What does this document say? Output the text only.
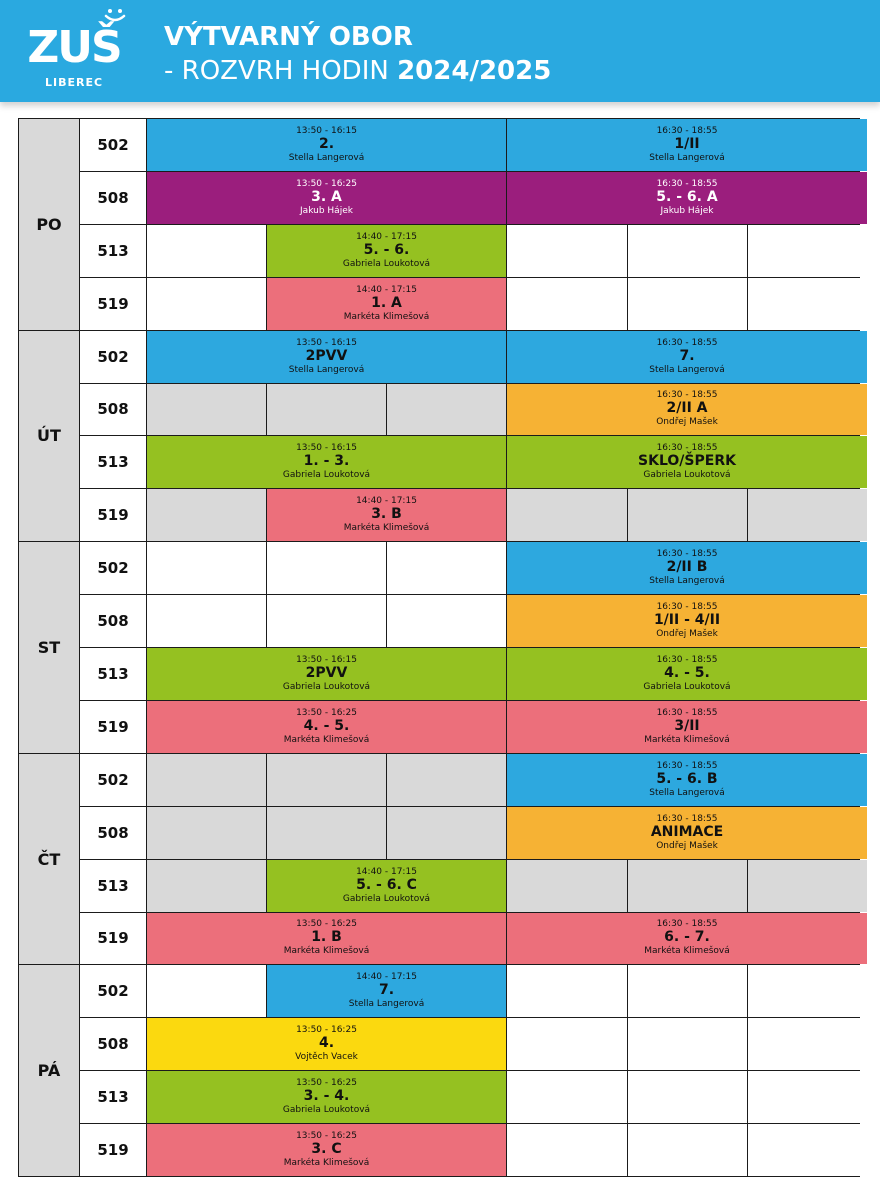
ZUŠ
LIBEREC
VÝTVARNÝ OBOR
- ROZVRH HODIN 2024/2025
PO
502
13:50 - 16:15
2.
Stella Langerová
16:30 - 18:55
1/II
Stella Langerová
508
13:50 - 16:25
3. A
Jakub Hájek
16:30 - 18:55
5. - 6. A
Jakub Hájek
513
14:40 - 17:15
5. - 6.
Gabriela Loukotová
519
14:40 - 17:15
1. A
Markéta Klimešová
ÚT
502
13:50 - 16:15
2PVV
Stella Langerová
16:30 - 18:55
7.
Stella Langerová
508
16:30 - 18:55
2/II A
Ondřej Mašek
513
13:50 - 16:15
1. - 3.
Gabriela Loukotová
16:30 - 18:55
SKLO/ŠPERK
Gabriela Loukotová
519
14:40 - 17:15
3. B
Markéta Klimešová
ST
502
16:30 - 18:55
2/II B
Stella Langerová
508
16:30 - 18:55
1/II - 4/II
Ondřej Mašek
513
13:50 - 16:15
2PVV
Gabriela Loukotová
16:30 - 18:55
4. - 5.
Gabriela Loukotová
519
13:50 - 16:25
4. - 5.
Markéta Klimešová
16:30 - 18:55
3/II
Markéta Klimešová
ČT
502
16:30 - 18:55
5. - 6. B
Stella Langerová
508
16:30 - 18:55
ANIMACE
Ondřej Mašek
513
14:40 - 17:15
5. - 6. C
Gabriela Loukotová
519
13:50 - 16:25
1. B
Markéta Klimešová
16:30 - 18:55
6. - 7.
Markéta Klimešová
PÁ
502
14:40 - 17:15
7.
Stella Langerová
508
13:50 - 16:25
4.
Vojtěch Vacek
513
13:50 - 16:25
3. - 4.
Gabriela Loukotová
519
13:50 - 16:25
3. C
Markéta Klimešová
